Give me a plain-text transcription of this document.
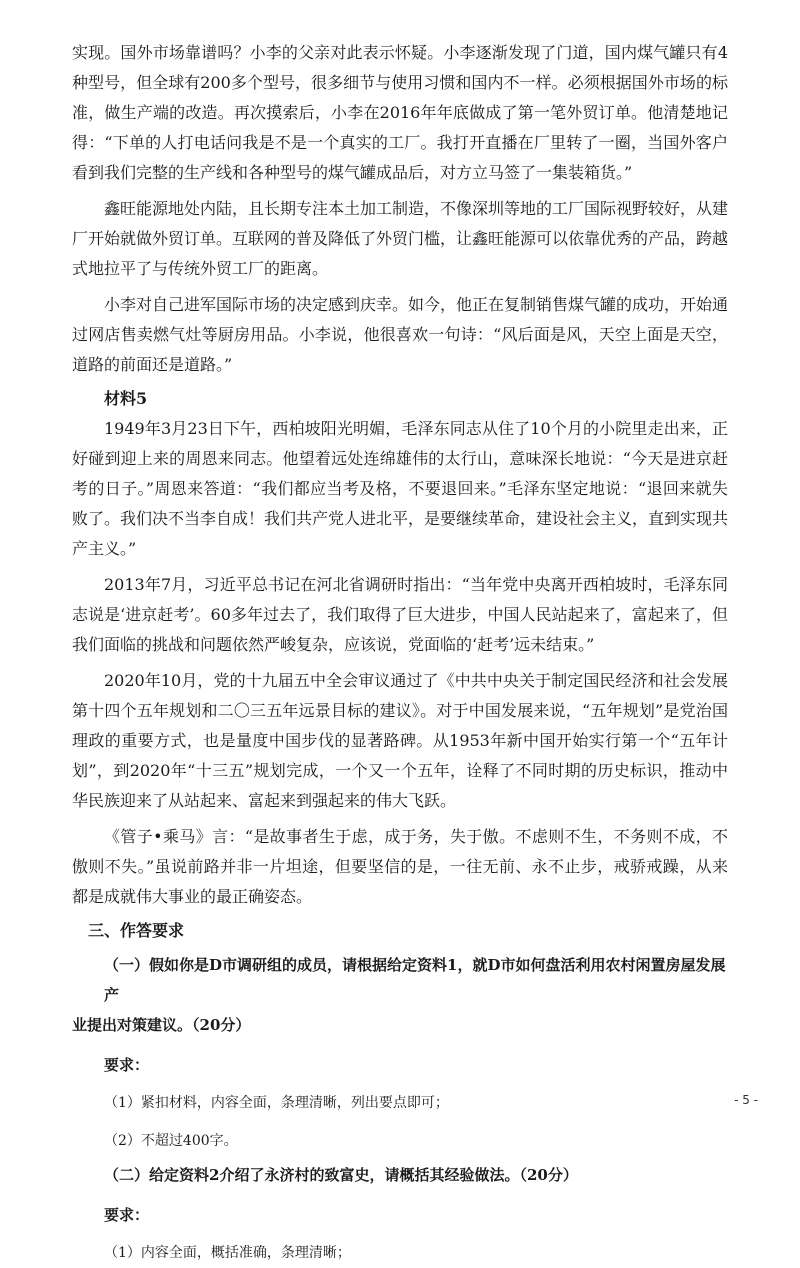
实现。国外市场靠谱吗？小李的父亲对此表示怀疑。小李逐渐发现了门道，国内煤气罐只有4种型号，但全球有200多个型号，很多细节与使用习惯和国内不一样。必须根据国外市场的标准，做生产端的改造。再次摸索后，小李在2016年年底做成了第一笔外贸订单。他清楚地记得：“下单的人打电话问我是不是一个真实的工厂。我打开直播在厂里转了一圈，当国外客户看到我们完整的生产线和各种型号的煤气罐成品后，对方立马签了一集装箱货。”

鑫旺能源地处内陆，且长期专注本土加工制造，不像深圳等地的工厂国际视野较好，从建厂开始就做外贸订单。互联网的普及降低了外贸门槛，让鑫旺能源可以依靠优秀的产品，跨越式地拉平了与传统外贸工厂的距离。

小李对自己进军国际市场的决定感到庆幸。如今，他正在复制销售煤气罐的成功，开始通过网店售卖燃气灶等厨房用品。小李说，他很喜欢一句诗：“风后面是风，天空上面是天空，道路的前面还是道路。”

材料5

1949年3月23日下午，西柏坡阳光明媚，毛泽东同志从住了10个月的小院里走出来，正好碰到迎上来的周恩来同志。他望着远处连绵雄伟的太行山，意味深长地说：“今天是进京赶考的日子。”周恩来答道：“我们都应当考及格，不要退回来。”毛泽东坚定地说：“退回来就失败了。我们决不当李自成！我们共产党人进北平，是要继续革命，建设社会主义，直到实现共产主义。”

2013年7月，习近平总书记在河北省调研时指出：“当年党中央离开西柏坡时，毛泽东同志说是‘进京赶考’。60多年过去了，我们取得了巨大进步，中国人民站起来了，富起来了，但我们面临的挑战和问题依然严峻复杂，应该说，党面临的‘赶考’远未结束。”

2020年10月，党的十九届五中全会审议通过了《中共中央关于制定国民经济和社会发展第十四个五年规划和二〇三五年远景目标的建议》。对于中国发展来说，“五年规划”是党治国理政的重要方式，也是量度中国步伐的显著路碑。从1953年新中国开始实行第一个“五年计划”，到2020年“十三五”规划完成，一个又一个五年，诠释了不同时期的历史标识，推动中华民族迎来了从站起来、富起来到强起来的伟大飞跃。

《管子•乘马》言：“是故事者生于虑，成于务，失于傲。不虑则不生，不务则不成，不傲则不失。”虽说前路并非一片坦途，但要坚信的是，一往无前、永不止步，戒骄戒躁，从来都是成就伟大事业的最正确姿态。

三、作答要求
（一）假如你是D市调研组的成员，请根据给定资料1，就D市如何盘活利用农村闲置房屋发展产
业提出对策建议。（20分）
要求：
（1）紧扣材料，内容全面，条理清晰，列出要点即可；
（2）不超过400字。
（二）给定资料2介绍了永济村的致富史，请概括其经验做法。（20分）
要求：
（1）内容全面，概括准确，条理清晰；
- 5 -
